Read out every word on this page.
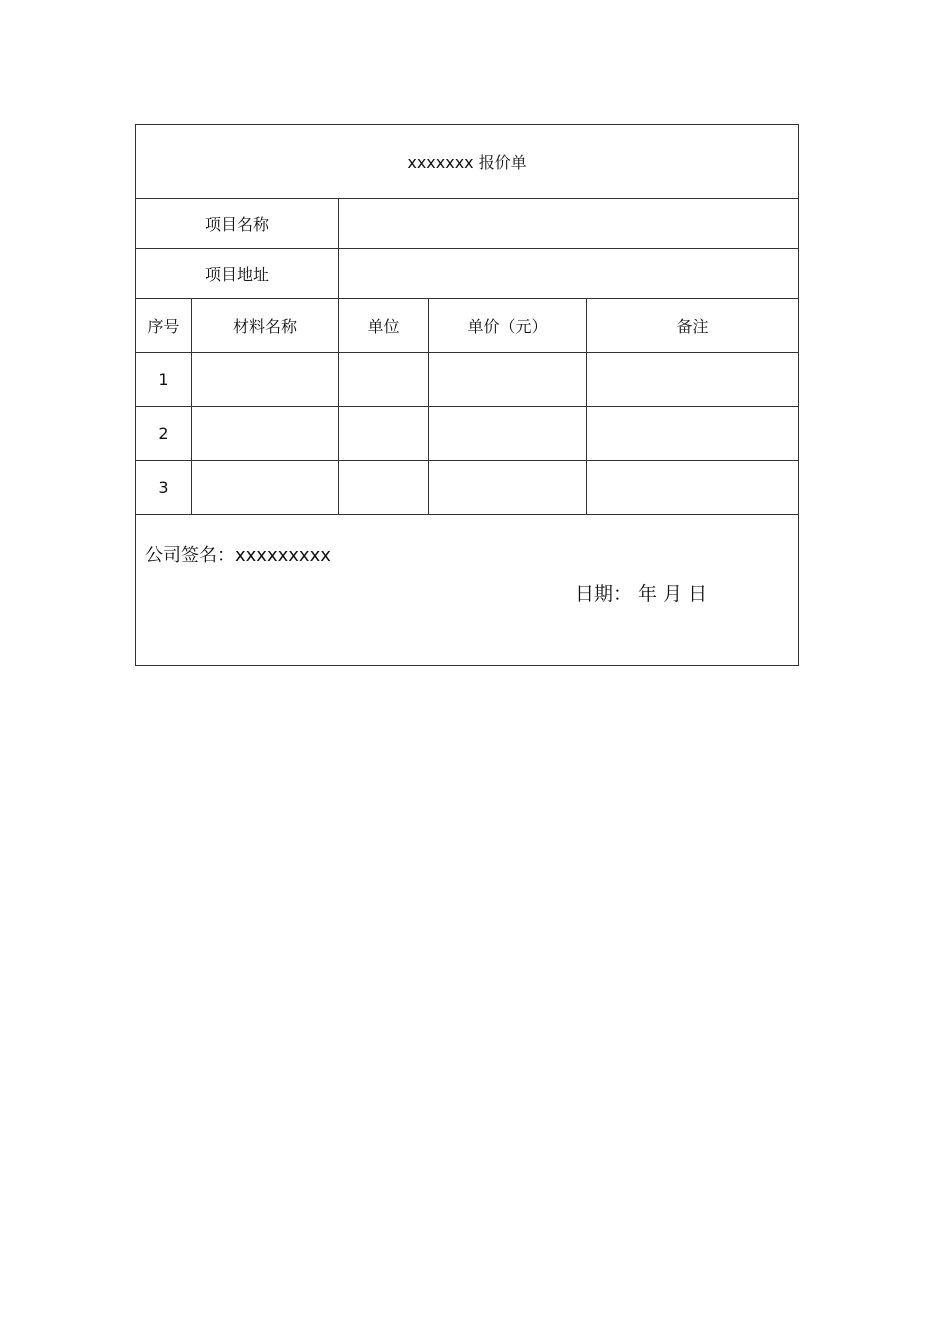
xxxxxxx 报价单				
项目名称				
项目地址				
序号	材料名称	单位	单价（元）	备注
1				
2				
3				

公司签名：xxxxxxxxx
日期： 年 月 日				
